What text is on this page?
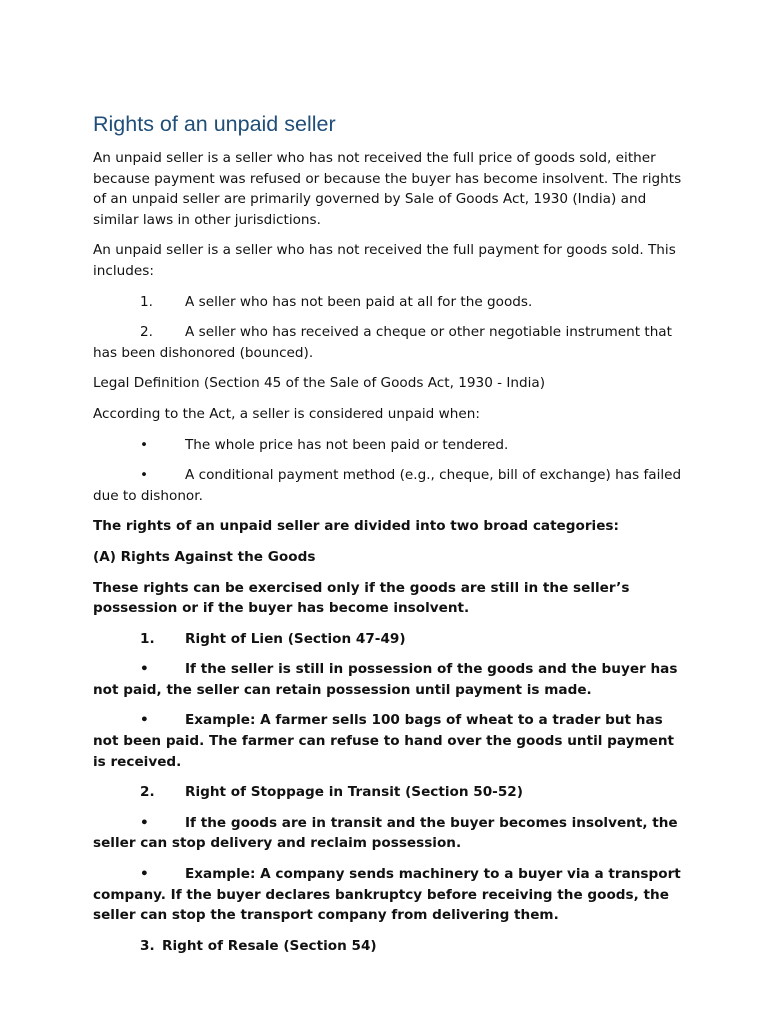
Rights of an unpaid seller

An unpaid seller is a seller who has not received the full price of goods sold, either because payment was refused or because the buyer has become insolvent. The rights of an unpaid seller are primarily governed by Sale of Goods Act, 1930 (India) and similar laws in other jurisdictions.

An unpaid seller is a seller who has not received the full payment for goods sold. This includes:

1. A seller who has not been paid at all for the goods.
2. A seller who has received a cheque or other negotiable instrument that has been dishonored (bounced).

Legal Definition (Section 45 of the Sale of Goods Act, 1930 - India)

According to the Act, a seller is considered unpaid when:

•	The whole price has not been paid or tendered.
•	A conditional payment method (e.g., cheque, bill of exchange) has failed due to dishonor.

The rights of an unpaid seller are divided into two broad categories:

(A) Rights Against the Goods

These rights can be exercised only if the goods are still in the seller’s possession or if the buyer has become insolvent.

1. Right of Lien (Section 47-49)
•	If the seller is still in possession of the goods and the buyer has not paid, the seller can retain possession until payment is made.
•	Example: A farmer sells 100 bags of wheat to a trader but has not been paid. The farmer can refuse to hand over the goods until payment is received.
2. Right of Stoppage in Transit (Section 50-52)
•	If the goods are in transit and the buyer becomes insolvent, the seller can stop delivery and reclaim possession.
•	Example: A company sends machinery to a buyer via a transport company. If the buyer declares bankruptcy before receiving the goods, the seller can stop the transport company from delivering them.
3. Right of Resale (Section 54)
